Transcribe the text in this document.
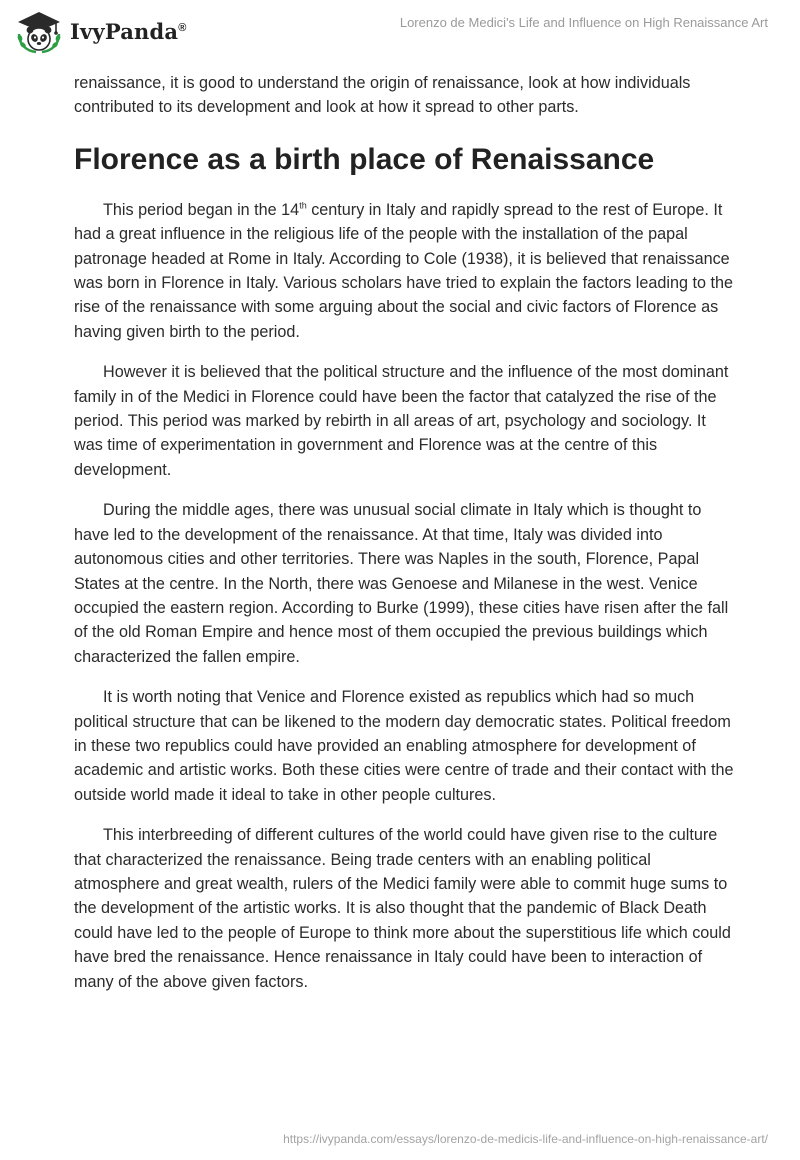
IvyPanda®	Lorenzo de Medici's Life and Influence on High Renaissance Art

renaissance, it is good to understand the origin of renaissance, look at how individuals contributed to its development and look at how it spread to other parts.

Florence as a birth place of Renaissance

This period began in the 14th century in Italy and rapidly spread to the rest of Europe. It had a great influence in the religious life of the people with the installation of the papal patronage headed at Rome in Italy. According to Cole (1938), it is believed that renaissance was born in Florence in Italy. Various scholars have tried to explain the factors leading to the rise of the renaissance with some arguing about the social and civic factors of Florence as having given birth to the period.

However it is believed that the political structure and the influence of the most dominant family in of the Medici in Florence could have been the factor that catalyzed the rise of the period. This period was marked by rebirth in all areas of art, psychology and sociology. It was time of experimentation in government and Florence was at the centre of this development.

During the middle ages, there was unusual social climate in Italy which is thought to have led to the development of the renaissance. At that time, Italy was divided into autonomous cities and other territories. There was Naples in the south, Florence, Papal States at the centre. In the North, there was Genoese and Milanese in the west. Venice occupied the eastern region. According to Burke (1999), these cities have risen after the fall of the old Roman Empire and hence most of them occupied the previous buildings which characterized the fallen empire.

It is worth noting that Venice and Florence existed as republics which had so much political structure that can be likened to the modern day democratic states. Political freedom in these two republics could have provided an enabling atmosphere for development of academic and artistic works. Both these cities were centre of trade and their contact with the outside world made it ideal to take in other people cultures.

This interbreeding of different cultures of the world could have given rise to the culture that characterized the renaissance. Being trade centers with an enabling political atmosphere and great wealth, rulers of the Medici family were able to commit huge sums to the development of the artistic works. It is also thought that the pandemic of Black Death could have led to the people of Europe to think more about the superstitious life which could have bred the renaissance. Hence renaissance in Italy could have been to interaction of many of the above given factors.

https://ivypanda.com/essays/lorenzo-de-medicis-life-and-influence-on-high-renaissance-art/
